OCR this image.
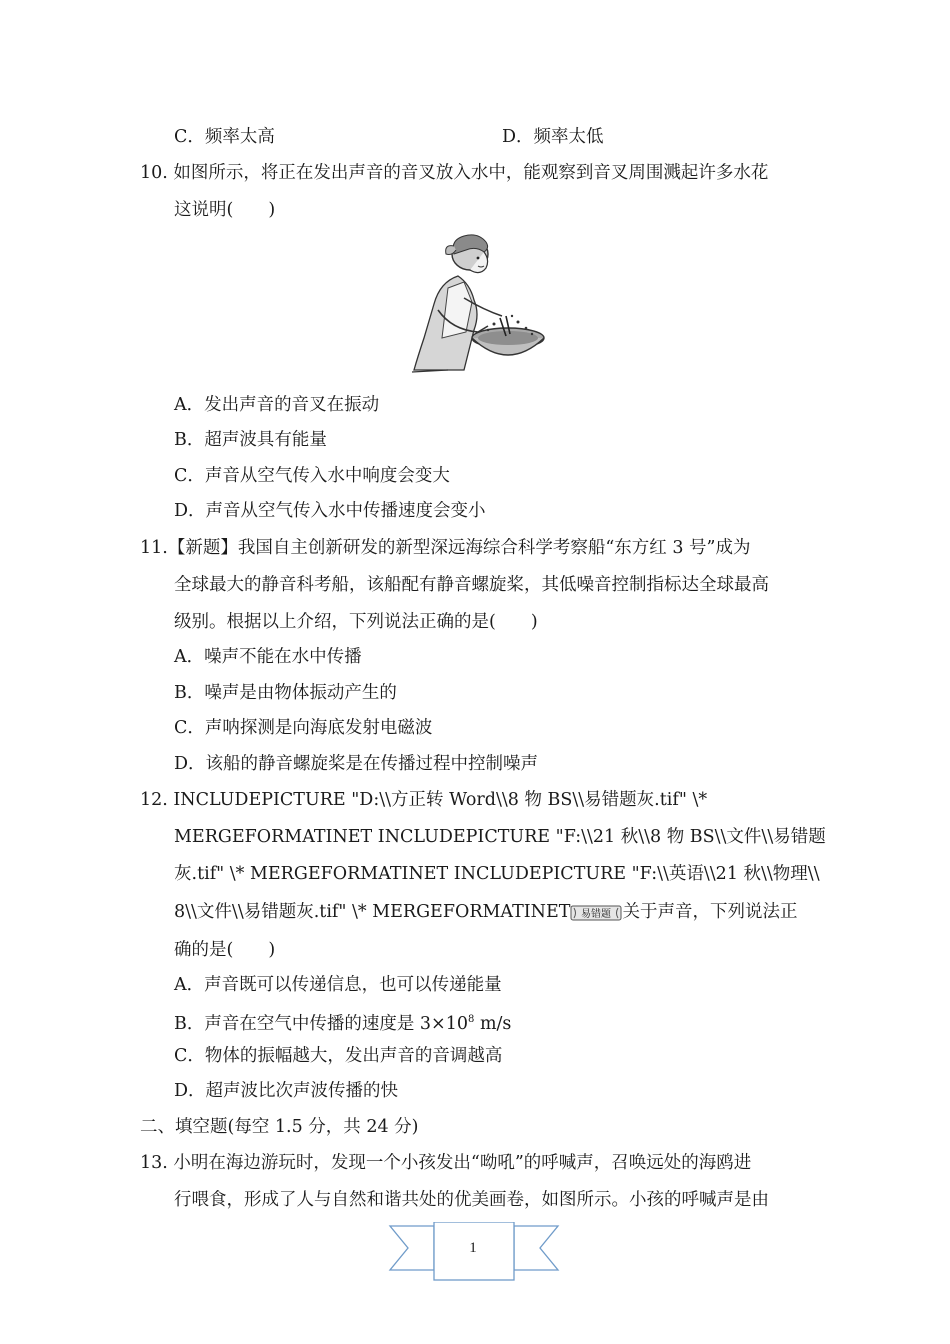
C．频率太高	D．频率太低
10. 如图所示，将正在发出声音的音叉放入水中，能观察到音叉周围溅起许多水花
这说明(　　)
A．发出声音的音叉在振动
B．超声波具有能量
C．声音从空气传入水中响度会变大
D．声音从空气传入水中传播速度会变小
11.【新题】我国自主创新研发的新型深远海综合科学考察船“东方红 3 号”成为
全球最大的静音科考船，该船配有静音螺旋桨，其低噪音控制指标达全球最高
级别。根据以上介绍，下列说法正确的是(　　)
A．噪声不能在水中传播
B．噪声是由物体振动产生的
C．声呐探测是向海底发射电磁波
D．该船的静音螺旋桨是在传播过程中控制噪声
12. INCLUDEPICTURE "D:\\方正转 Word\\8 物 BS\\易错题灰.tif" \*
MERGEFORMATINET INCLUDEPICTURE "F:\\21 秋\\8 物 BS\\文件\\易错题
灰.tif" \* MERGEFORMATINET INCLUDEPICTURE "F:\\英语\\21 秋\\物理\\
8\\文件\\易错题灰.tif" \* MERGEFORMATINET 易错题 关于声音，下列说法正
确的是(　　)
A．声音既可以传递信息，也可以传递能量
B．声音在空气中传播的速度是 $3\times 10^8$ m/s
C．物体的振幅越大，发出声音的音调越高
D．超声波比次声波传播的快
二、填空题(每空 1.5 分，共 24 分)
13. 小明在海边游玩时，发现一个小孩发出“呦吼”的呼喊声，召唤远处的海鸥进
行喂食，形成了人与自然和谐共处的优美画卷，如图所示。小孩的呼喊声是由
1
